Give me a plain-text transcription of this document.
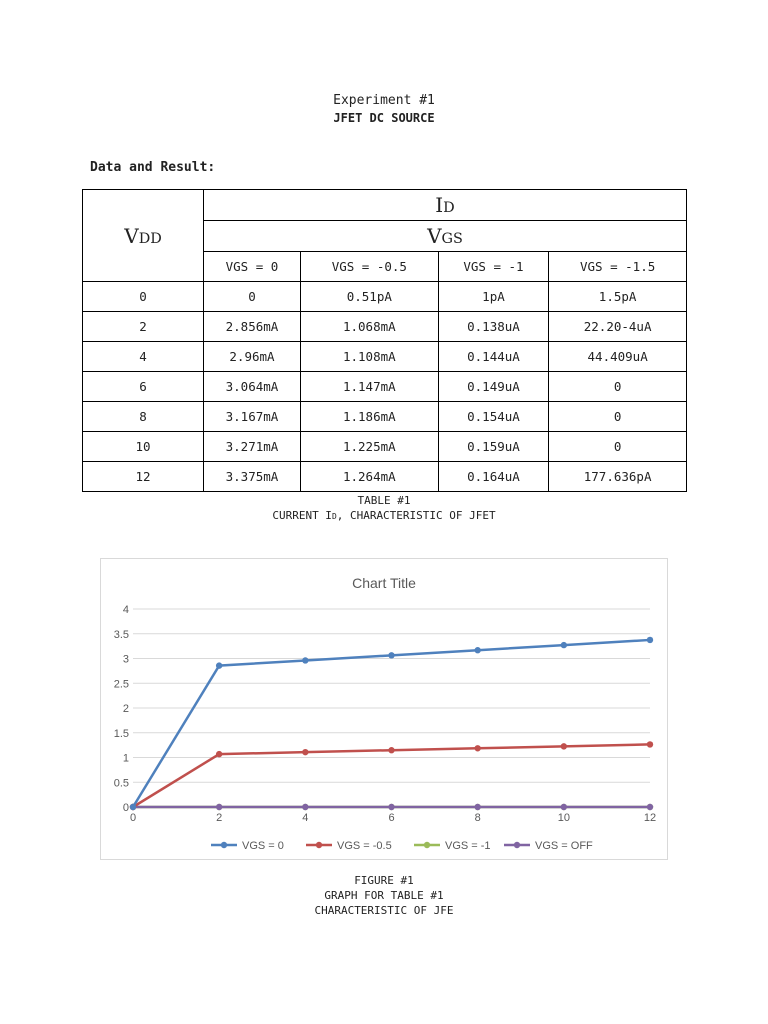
Experiment #1
JFET DC SOURCE
Data and Result:
VDD	ID			
	VGS			
	VGS = 0	VGS = -0.5	VGS = -1	VGS = -1.5
0	0	0.51pA	1pA	1.5pA
2	2.856mA	1.068mA	0.138uA	22.20-4uA
4	2.96mA	1.108mA	0.144uA	44.409uA
6	3.064mA	1.147mA	0.149uA	0
8	3.167mA	1.186mA	0.154uA	0
10	3.271mA	1.225mA	0.159uA	0
12	3.375mA	1.264mA	0.164uA	177.636pA
TABLE #1
CURRENT ID, CHARACTERISTIC OF JFET
Chart Title
0
0.5
1
1.5
2
2.5
3
3.5
4
0	2	4	6	8	10	12
VGS = 0	VGS = -0.5	VGS = -1	VGS = OFF
FIGURE #1
GRAPH FOR TABLE #1
CHARACTERISTIC OF JFE
